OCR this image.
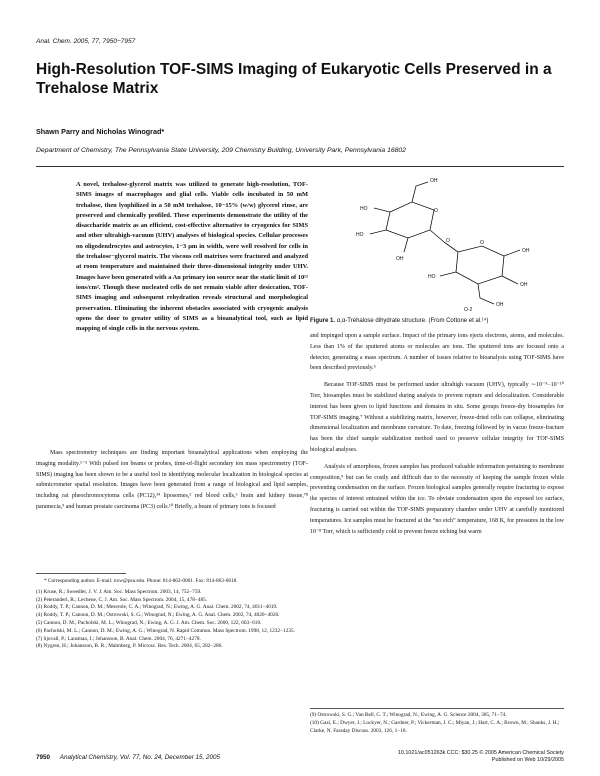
Anal. Chem. 2005, 77, 7950−7957
High-Resolution TOF-SIMS Imaging of Eukaryotic Cells Preserved in a Trehalose Matrix
Shawn Parry and Nicholas Winograd*
Department of Chemistry, The Pennsylvania State University, 209 Chemistry Building, University Park, Pennsylvania 16802
A novel, trehalose-glycerol matrix was utilized to generate high-resolution, TOF-SIMS images of macrophages and glial cells. Viable cells incubated in 50 mM trehalose, then lyophilized in a 50 mM trehalose, 10−15% (w/w) glycerol rinse, are preserved and chemically profiled. These experiments demonstrate the utility of the disaccharide matrix as an efficient, cost-effective alternative to cryogenics for SIMS and other ultrahigh-vacuum (UHV) analyses of biological species. Cellular processes on oligodendrocytes and astrocytes, 1−3 μm in width, were well resolved for cells in the trehalose−glycerol matrix. The viscous cell matrixes were fractured and analyzed at room temperature and maintained their three-dimensional integrity under UHV. Images have been generated with a Au primary ion source near the static limit of 10¹² ions/cm². Though these nucleated cells do not remain viable after desiccation, TOF-SIMS imaging and subsequent rehydration reveals structural and morphological preservation. Eliminating the inherent obstacles associated with cryogenic analysis opens the door to greater utility of SIMS as a bioanalytical tool, such as lipid mapping of single cells in the nervous system.
OH
HO
HO
OH
O
O
OH
OH
HO
OH
O
O·2
Figure 1. α,α-Trehalose dihydrate structure. (From Cottone et al.¹⁴)

Mass spectrometry techniques are finding important bioanalytical applications when employing the imaging modality.¹⁻⁵ With pulsed ion beams or probes, time-of-flight secondary ion mass spectrometry (TOF-SIMS) imaging has been shown to be a useful tool in identifying molecular localization in biological species at submicrometer spatial resolution. Images have been generated from a range of biological and lipid samples, including rat pheochromocytoma cells (PC12),³⁴ liposomes,⁵ red blood cells,⁶ brain and kidney tissue,⁷⁸ paramecia,⁹ and human prostate carcinoma (PC3) cells.¹⁰ Briefly, a beam of primary ions is focused

* Corresponding author. E-mail: nxw@psu.edu. Phone: 814-863-0001. Fax: 814-863-0618.
(1) Kruse, R.; Sweedler, J. V. J. Am. Soc. Mass Spectrom. 2003, 14, 752−759.
(2) Peteranderl, R.; Lechene, C. J. Am. Soc. Mass Spectrom. 2004, 15, 478−485.
(3) Roddy, T. P.; Cannon, D. M.; Meserole, C. A.; Winograd, N.; Ewing, A. G. Anal. Chem. 2002, 74, 4011−4019.
(4) Roddy, T. P.; Cannon, D. M.; Ostrowski, S. G.; Winograd, N.; Ewing, A. G. Anal. Chem. 2002, 74, 4020−4026.
(5) Cannon, D. M.; Pacholski, M. L.; Winograd, N.; Ewing, A. G. J. Am. Chem. Soc. 2000, 122, 603−610.
(6) Pacholski, M. L.; Cannon, D. M.; Ewing, A. G.; Winograd, N. Rapid Commun. Mass Spectrom. 1998, 12, 1232−1235.
(7) Sjovall, P.; Lausmaa, J.; Johansson, B. Anal. Chem. 2004, 76, 4271−4278.
(8) Nygren, H.; Johansson, B. R.; Malmberg, P. Microsc. Res. Tech. 2004, 65, 282−286.

and impinged upon a sample surface. Impact of the primary ions ejects electrons, atoms, and molecules. Less than 1% of the sputtered atoms or molecules are ions. The sputtered ions are focused onto a detector, generating a mass spectrum. A number of issues relative to bioanalysis using TOF-SIMS have been described previously.⁵

Because TOF-SIMS must be performed under ultrahigh vacuum (UHV), typically ∼10⁻⁹−10⁻¹⁰ Torr, biosamples must be stabilized during analysis to prevent rupture and delocalization. Considerable interest has been given to lipid functions and domains in situ. Some groups freeze-dry biosamples for TOF-SIMS imaging.⁷ Without a stabilizing matrix, however, freeze-dried cells can collapse, eliminating dimensional localization and membrane curvature. To date, freezing followed by in vacuo freeze-fracture has been the chief sample stabilization method used to preserve cellular integrity for TOF-SIMS biological analyses.

Analysis of amorphous, frozen samples has produced valuable information pertaining to membrane composition,⁹ but can be costly and difficult due to the necessity of keeping the sample frozen while preventing condensation on the surface. Frozen biological samples generally require fracturing to expose the species of interest entrained within the ice. To obviate condensation upon the exposed ice surface, fracturing is carried out within the TOF-SIMS preparatory chamber under UHV at carefully monitored temperatures. Ice samples must be fractured at the “no etch” temperature, 168 K, for pressures in the low 10⁻⁸ Torr, which is sufficiently cold to prevent freeze etching but warm

(9) Ostrowski, S. G.; Van Bell, C. T.; Winograd, N.; Ewing, A. G. Science 2004, 305, 71−74.
(10) Gazi, E.; Dwyer, J.; Lockyer, N.; Gardner, P.; Vickerman, J. C.; Miyan, J.; Hart, C. A.; Brown, M.; Shanks, J. H.; Clarke, N. Faraday Discuss. 2003, 126, 1−18.
7950 Analytical Chemistry, Vol. 77, No. 24, December 15, 2005
10.1021/ac051263k CCC: $30.25 © 2005 American Chemical Society
Published on Web 10/29/2005
